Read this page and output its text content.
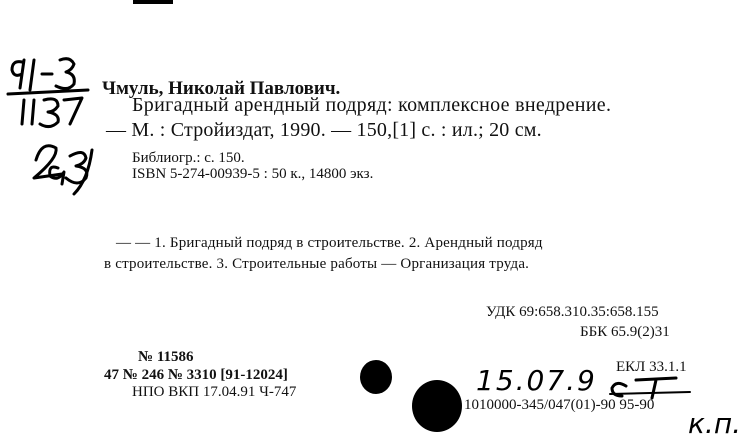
Чмуль, Николай Павлович.
Бригадный арендный подряд: комплексное внедрение.
— М. : Стройиздат, 1990. — 150,[1] с. : ил.; 20 см.
Библиогр.: с. 150.
ISBN 5-274-00939-5 : 50 к., 14800 экз.
— — 1. Бригадный подряд в строительстве. 2. Арендный подряд
в строительстве. 3. Строительные работы — Организация труда.
УДК 69:658.310.35:658.155
ББК 65.9(2)31
№ 11586
47 № 246 № 3310 [91-12024]
НПО ВКП 17.04.91 Ч-747
ЕКЛ 33.1.1
1010000-345/047(01)-90 95-90
15.07.9
к.п.
